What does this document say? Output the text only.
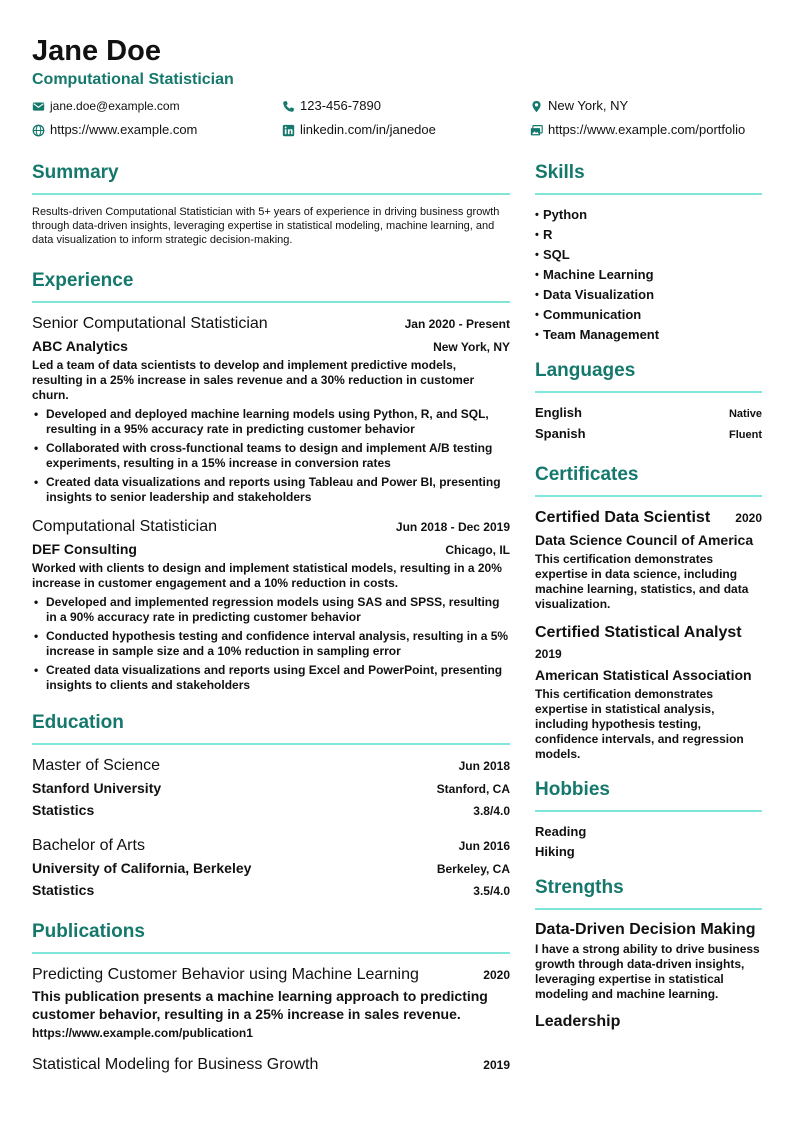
Jane Doe
Computational Statistician
jane.doe@example.com	123-456-7890	New York, NY
https://www.example.com	linkedin.com/in/janedoe	https://www.example.com/portfolio
Summary
Results-driven Computational Statistician with 5+ years of experience in driving business growth through data-driven insights, leveraging expertise in statistical modeling, machine learning, and data visualization to inform strategic decision-making.
Experience
Senior Computational Statistician	Jan 2020 - Present
ABC Analytics	New York, NY
Led a team of data scientists to develop and implement predictive models, resulting in a 25% increase in sales revenue and a 30% reduction in customer churn.
• Developed and deployed machine learning models using Python, R, and SQL, resulting in a 95% accuracy rate in predicting customer behavior
• Collaborated with cross-functional teams to design and implement A/B testing experiments, resulting in a 15% increase in conversion rates
• Created data visualizations and reports using Tableau and Power BI, presenting insights to senior leadership and stakeholders
Computational Statistician	Jun 2018 - Dec 2019
DEF Consulting	Chicago, IL
Worked with clients to design and implement statistical models, resulting in a 20% increase in customer engagement and a 10% reduction in costs.
• Developed and implemented regression models using SAS and SPSS, resulting in a 90% accuracy rate in predicting customer behavior
• Conducted hypothesis testing and confidence interval analysis, resulting in a 5% increase in sample size and a 10% reduction in sampling error
• Created data visualizations and reports using Excel and PowerPoint, presenting insights to clients and stakeholders
Education
Master of Science	Jun 2018
Stanford University	Stanford, CA
Statistics	3.8/4.0
Bachelor of Arts	Jun 2016
University of California, Berkeley	Berkeley, CA
Statistics	3.5/4.0
Publications
Predicting Customer Behavior using Machine Learning	2020
This publication presents a machine learning approach to predicting customer behavior, resulting in a 25% increase in sales revenue.
https://www.example.com/publication1
Statistical Modeling for Business Growth	2019
Skills
• Python
• R
• SQL
• Machine Learning
• Data Visualization
• Communication
• Team Management
Languages
English	Native
Spanish	Fluent
Certificates
Certified Data Scientist 2020
Data Science Council of America
This certification demonstrates expertise in data science, including machine learning, statistics, and data visualization.
Certified Statistical Analyst
2019
American Statistical Association
This certification demonstrates expertise in statistical analysis, including hypothesis testing, confidence intervals, and regression models.
Hobbies
Reading
Hiking
Strengths
Data-Driven Decision Making
I have a strong ability to drive business growth through data-driven insights, leveraging expertise in statistical modeling and machine learning.
Leadership
